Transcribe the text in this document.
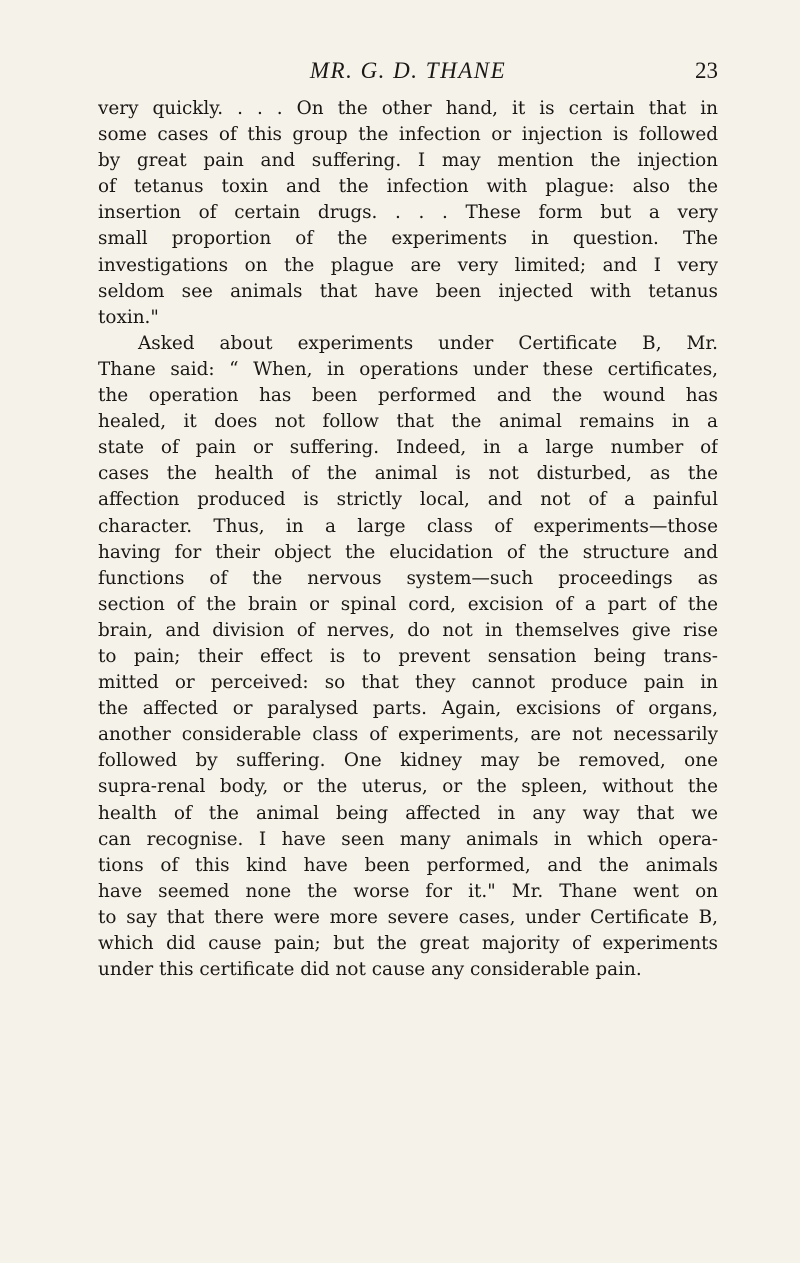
MR. G. D. THANE	23
very quickly. . . . On the other hand, it is certain that in
some cases of this group the infection or injection is followed
by great pain and suffering. I may mention the injection
of tetanus toxin and the infection with plague: also the
insertion of certain drugs. . . . These form but a very
small proportion of the experiments in question. The
investigations on the plague are very limited; and I very
seldom see animals that have been injected with tetanus
toxin."
Asked about experiments under Certificate B, Mr.
Thane said: “ When, in operations under these certificates,
the operation has been performed and the wound has
healed, it does not follow that the animal remains in a
state of pain or suffering. Indeed, in a large number of
cases the health of the animal is not disturbed, as the
affection produced is strictly local, and not of a painful
character. Thus, in a large class of experiments—those
having for their object the elucidation of the structure and
functions of the nervous system—such proceedings as
section of the brain or spinal cord, excision of a part of the
brain, and division of nerves, do not in themselves give rise
to pain; their effect is to prevent sensation being trans-
mitted or perceived: so that they cannot produce pain in
the affected or paralysed parts. Again, excisions of organs,
another considerable class of experiments, are not necessarily
followed by suffering. One kidney may be removed, one
supra-renal body, or the uterus, or the spleen, without the
health of the animal being affected in any way that we
can recognise. I have seen many animals in which opera-
tions of this kind have been performed, and the animals
have seemed none the worse for it." Mr. Thane went on
to say that there were more severe cases, under Certificate B,
which did cause pain; but the great majority of experiments
under this certificate did not cause any considerable pain.
